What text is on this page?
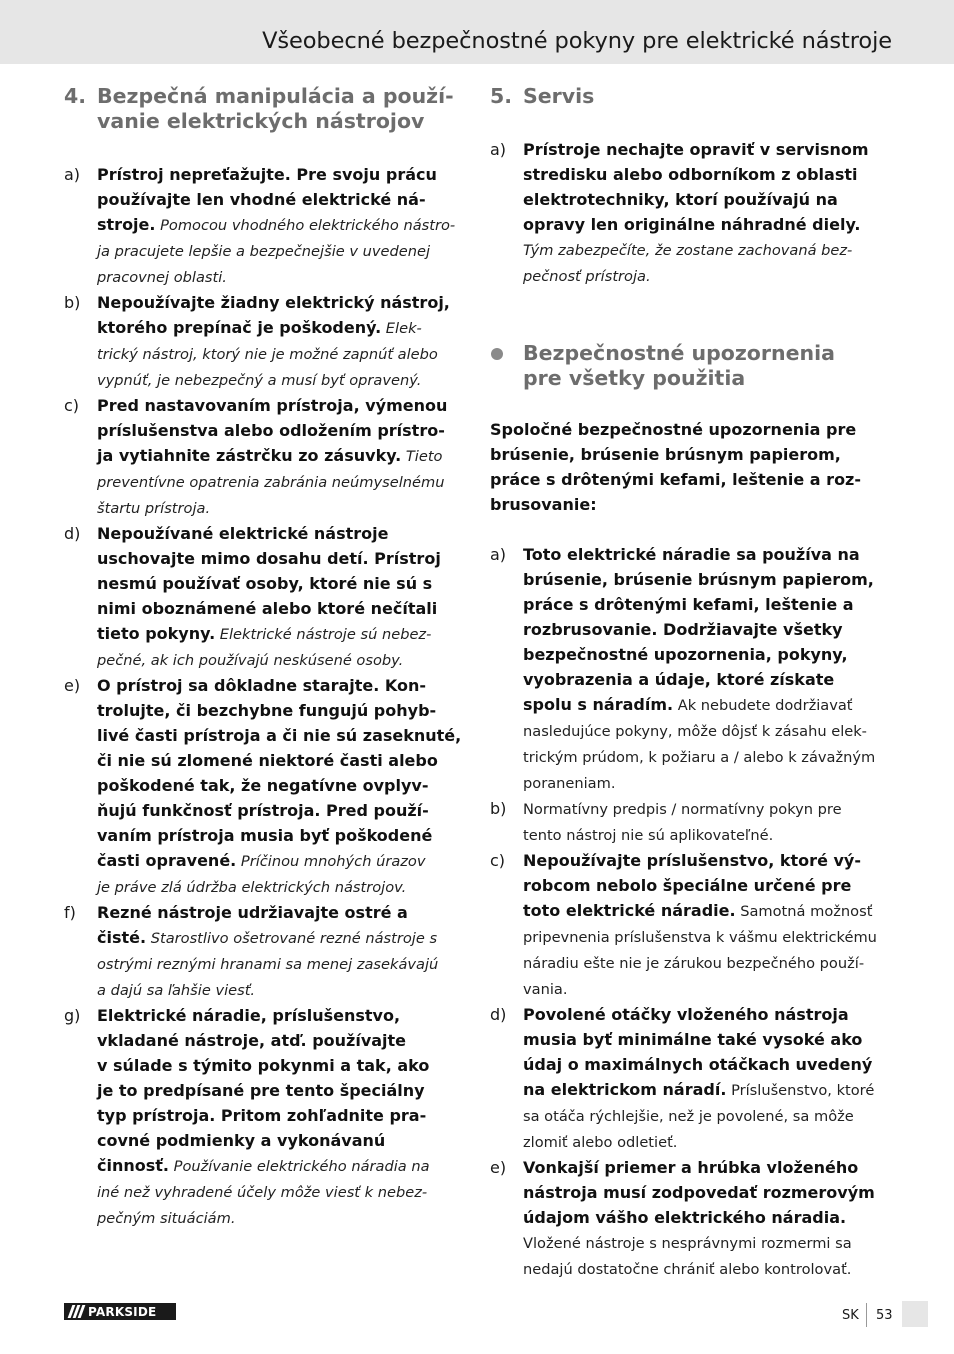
Všeobecné bezpečnostné pokyny pre elektrické nástroje
4. Bezpečná manipulácia a použí-
vanie elektrických nástrojov

a) Prístroj nepreťažujte. Pre svoju prácu
používajte len vhodné elektrické ná-
stroje. Pomocou vhodného elektrického nástro-
ja pracujete lepšie a bezpečnejšie v uvedenej
pracovnej oblasti.

b) Nepoužívajte žiadny elektrický nástroj,
ktorého prepínač je poškodený. Elek-
trický nástroj, ktorý nie je možné zapnúť alebo
vypnúť, je nebezpečný a musí byť opravený.

c) Pred nastavovaním prístroja, výmenou
príslušenstva alebo odložením prístro-
ja vytiahnite zástrčku zo zásuvky. Tieto
preventívne opatrenia zabránia neúmyselnému
štartu prístroja.

d) Nepoužívané elektrické nástroje
uschovajte mimo dosahu detí. Prístroj
nesmú používať osoby, ktoré nie sú s
nimi oboznámené alebo ktoré nečítali
tieto pokyny. Elektrické nástroje sú nebez-
pečné, ak ich používajú neskúsené osoby.

e) O prístroj sa dôkladne starajte. Kon-
trolujte, či bezchybne fungujú pohyb-
livé časti prístroja a či nie sú zaseknuté,
či nie sú zlomené niektoré časti alebo
poškodené tak, že negatívne ovplyv-
ňujú funkčnosť prístroja. Pred použí-
vaním prístroja musia byť poškodené
časti opravené. Príčinou mnohých úrazov
je práve zlá údržba elektrických nástrojov.

f) Rezné nástroje udržiavajte ostré a
čisté. Starostlivo ošetrované rezné nástroje s
ostrými reznými hranami sa menej zasekávajú
a dajú sa ľahšie viesť.

g) Elektrické náradie, príslušenstvo,
vkladané nástroje, atď. používajte
v súlade s týmito pokynmi a tak, ako
je to predpísané pre tento špeciálny
typ prístroja. Pritom zohľadnite pra-
covné podmienky a vykonávanú
činnosť. Používanie elektrického náradia na
iné než vyhradené účely môže viesť k nebez-
pečným situáciám.

5. Servis

a) Prístroje nechajte opraviť v servisnom
stredisku alebo odborníkom z oblasti
elektrotechniky, ktorí používajú na
opravy len originálne náhradné diely.
Tým zabezpečíte, že zostane zachovaná bez-
pečnosť prístroja.

Bezpečnostné upozornenia
pre všetky použitia

Spoločné bezpečnostné upozornenia pre
brúsenie, brúsenie brúsnym papierom,
práce s drôtenými kefami, leštenie a roz-
brusovanie:

a) Toto elektrické náradie sa používa na
brúsenie, brúsenie brúsnym papierom,
práce s drôtenými kefami, leštenie a
rozbrusovanie. Dodržiavajte všetky
bezpečnostné upozornenia, pokyny,
vyobrazenia a údaje, ktoré získate
spolu s náradím. Ak nebudete dodržiavať
nasledujúce pokyny, môže dôjsť k zásahu elek-
trickým prúdom, k požiaru a / alebo k závažným
poraneniam.

b) Normatívny predpis / normatívny pokyn pre
tento nástroj nie sú aplikovateľné.

c) Nepoužívajte príslušenstvo, ktoré vý-
robcom nebolo špeciálne určené pre
toto elektrické náradie. Samotná možnosť
pripevnenia príslušenstva k vášmu elektrickému
náradiu ešte nie je zárukou bezpečného použí-
vania.

d) Povolené otáčky vloženého nástroja
musia byť minimálne také vysoké ako
údaj o maximálnych otáčkach uvedený
na elektrickom náradí. Príslušenstvo, ktoré
sa otáča rýchlejšie, než je povolené, sa môže
zlomiť alebo odletieť.

e) Vonkajší priemer a hrúbka vloženého
nástroja musí zodpovedať rozmerovým
údajom vášho elektrického náradia.
Vložené nástroje s nesprávnymi rozmermi sa
nedajú dostatočne chrániť alebo kontrolovať.

PARKSIDE	SK 53
